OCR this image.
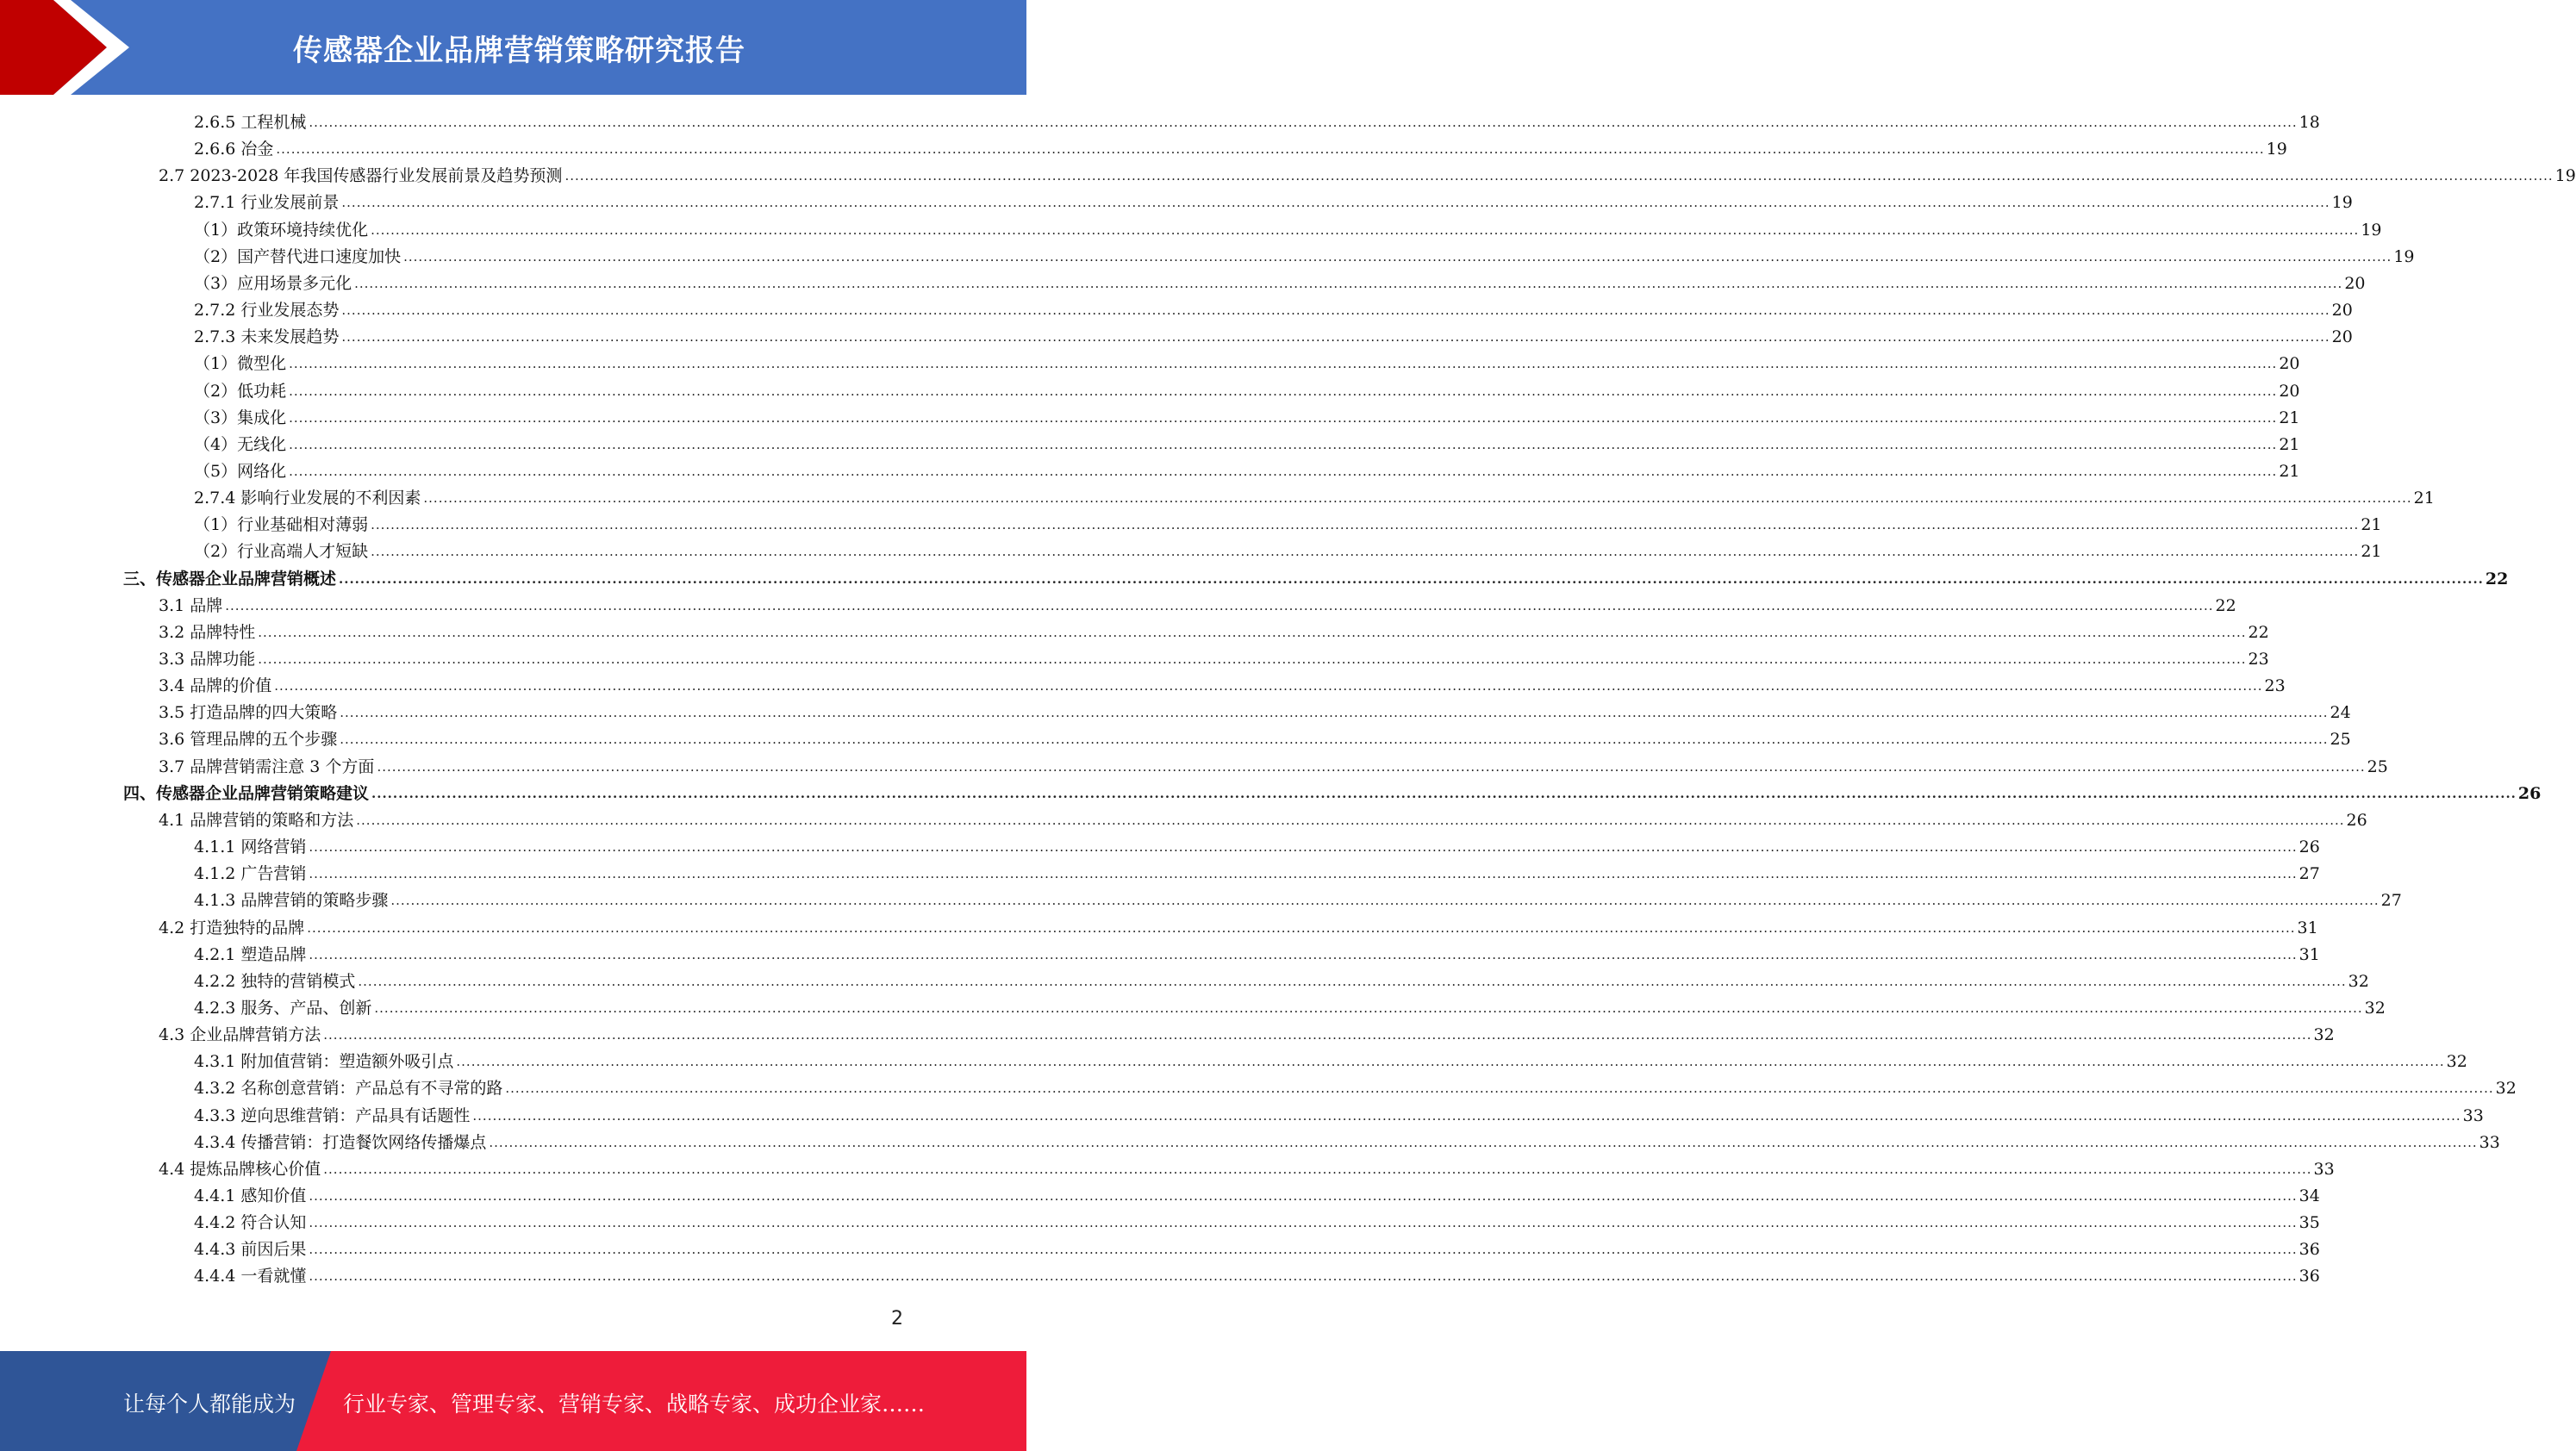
传感器企业品牌营销策略研究报告
2.6.5 工程机械 ................................................................................................................................................................................................................................................................................................................................................................................................................ 18
2.6.6 冶金 ................................................................................................................................................................................................................................................................................................................................................................................................................ 19
2.7 2023-2028 年我国传感器行业发展前景及趋势预测 ................................................................................................................................................................................................................................................................................................................................................................................................................ 19
2.7.1 行业发展前景 ................................................................................................................................................................................................................................................................................................................................................................................................................ 19
（1）政策环境持续优化 ................................................................................................................................................................................................................................................................................................................................................................................................................ 19
（2）国产替代进口速度加快 ................................................................................................................................................................................................................................................................................................................................................................................................................ 19
（3）应用场景多元化 ................................................................................................................................................................................................................................................................................................................................................................................................................ 20
2.7.2 行业发展态势 ................................................................................................................................................................................................................................................................................................................................................................................................................ 20
2.7.3 未来发展趋势 ................................................................................................................................................................................................................................................................................................................................................................................................................ 20
（1）微型化 ................................................................................................................................................................................................................................................................................................................................................................................................................ 20
（2）低功耗 ................................................................................................................................................................................................................................................................................................................................................................................................................ 20
（3）集成化 ................................................................................................................................................................................................................................................................................................................................................................................................................ 21
（4）无线化 ................................................................................................................................................................................................................................................................................................................................................................................................................ 21
（5）网络化 ................................................................................................................................................................................................................................................................................................................................................................................................................ 21
2.7.4 影响行业发展的不利因素 ................................................................................................................................................................................................................................................................................................................................................................................................................ 21
（1）行业基础相对薄弱 ................................................................................................................................................................................................................................................................................................................................................................................................................ 21
（2）行业高端人才短缺 ................................................................................................................................................................................................................................................................................................................................................................................................................ 21
三、传感器企业品牌营销概述 ................................................................................................................................................................................................................................................................................................................................................................................................................ 22
3.1 品牌 ................................................................................................................................................................................................................................................................................................................................................................................................................ 22
3.2 品牌特性 ................................................................................................................................................................................................................................................................................................................................................................................................................ 22
3.3 品牌功能 ................................................................................................................................................................................................................................................................................................................................................................................................................ 23
3.4 品牌的价值 ................................................................................................................................................................................................................................................................................................................................................................................................................ 23
3.5 打造品牌的四大策略 ................................................................................................................................................................................................................................................................................................................................................................................................................ 24
3.6 管理品牌的五个步骤 ................................................................................................................................................................................................................................................................................................................................................................................................................ 25
3.7 品牌营销需注意 3 个方面 ................................................................................................................................................................................................................................................................................................................................................................................................................ 25
四、传感器企业品牌营销策略建议 ................................................................................................................................................................................................................................................................................................................................................................................................................ 26
4.1 品牌营销的策略和方法 ................................................................................................................................................................................................................................................................................................................................................................................................................ 26
4.1.1 网络营销 ................................................................................................................................................................................................................................................................................................................................................................................................................ 26
4.1.2 广告营销 ................................................................................................................................................................................................................................................................................................................................................................................................................ 27
4.1.3 品牌营销的策略步骤 ................................................................................................................................................................................................................................................................................................................................................................................................................ 27
4.2 打造独特的品牌 ................................................................................................................................................................................................................................................................................................................................................................................................................ 31
4.2.1 塑造品牌 ................................................................................................................................................................................................................................................................................................................................................................................................................ 31
4.2.2 独特的营销模式 ................................................................................................................................................................................................................................................................................................................................................................................................................ 32
4.2.3 服务、产品、创新 ................................................................................................................................................................................................................................................................................................................................................................................................................ 32
4.3 企业品牌营销方法 ................................................................................................................................................................................................................................................................................................................................................................................................................ 32
4.3.1 附加值营销：塑造额外吸引点 ................................................................................................................................................................................................................................................................................................................................................................................................................ 32
4.3.2 名称创意营销：产品总有不寻常的路 ................................................................................................................................................................................................................................................................................................................................................................................................................ 32
4.3.3 逆向思维营销：产品具有话题性 ................................................................................................................................................................................................................................................................................................................................................................................................................ 33
4.3.4 传播营销：打造餐饮网络传播爆点 ................................................................................................................................................................................................................................................................................................................................................................................................................ 33
4.4 提炼品牌核心价值 ................................................................................................................................................................................................................................................................................................................................................................................................................ 33
4.4.1 感知价值 ................................................................................................................................................................................................................................................................................................................................................................................................................ 34
4.4.2 符合认知 ................................................................................................................................................................................................................................................................................................................................................................................................................ 35
4.4.3 前因后果 ................................................................................................................................................................................................................................................................................................................................................................................................................ 36
4.4.4 一看就懂 ................................................................................................................................................................................................................................................................................................................................................................................................................ 36
2
让每个人都能成为 行业专家、管理专家、营销专家、战略专家、成功企业家……
